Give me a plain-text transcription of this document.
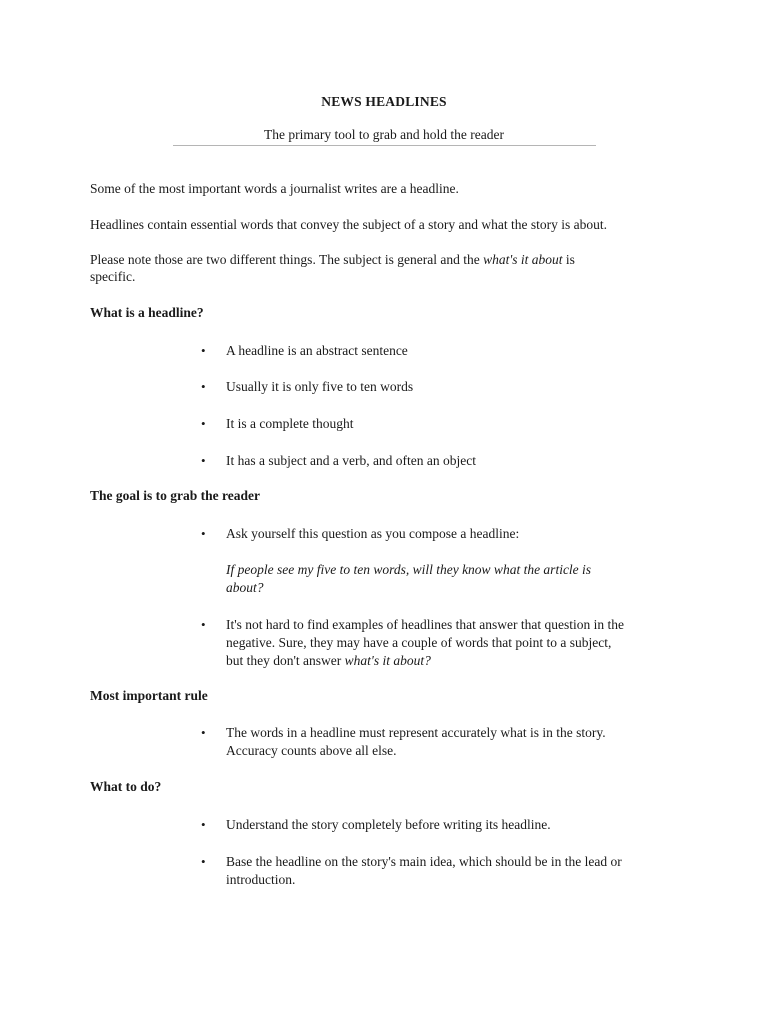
NEWS HEADLINES
The primary tool to grab and hold the reader
Some of the most important words a journalist writes are a headline.
Headlines contain essential words that convey the subject of a story and what the story is about.
Please note those are two different things. The subject is general and the what's it about is
specific.
What is a headline?
•	A headline is an abstract sentence
•	Usually it is only five to ten words
•	It is a complete thought
•	It has a subject and a verb, and often an object
The goal is to grab the reader
•	Ask yourself this question as you compose a headline:
If people see my five to ten words, will they know what the article is
about?
•	It's not hard to find examples of headlines that answer that question in the
negative. Sure, they may have a couple of words that point to a subject,
but they don't answer what's it about?
Most important rule
•	The words in a headline must represent accurately what is in the story.
Accuracy counts above all else.
What to do?
•	Understand the story completely before writing its headline.
•	Base the headline on the story's main idea, which should be in the lead or
introduction.
